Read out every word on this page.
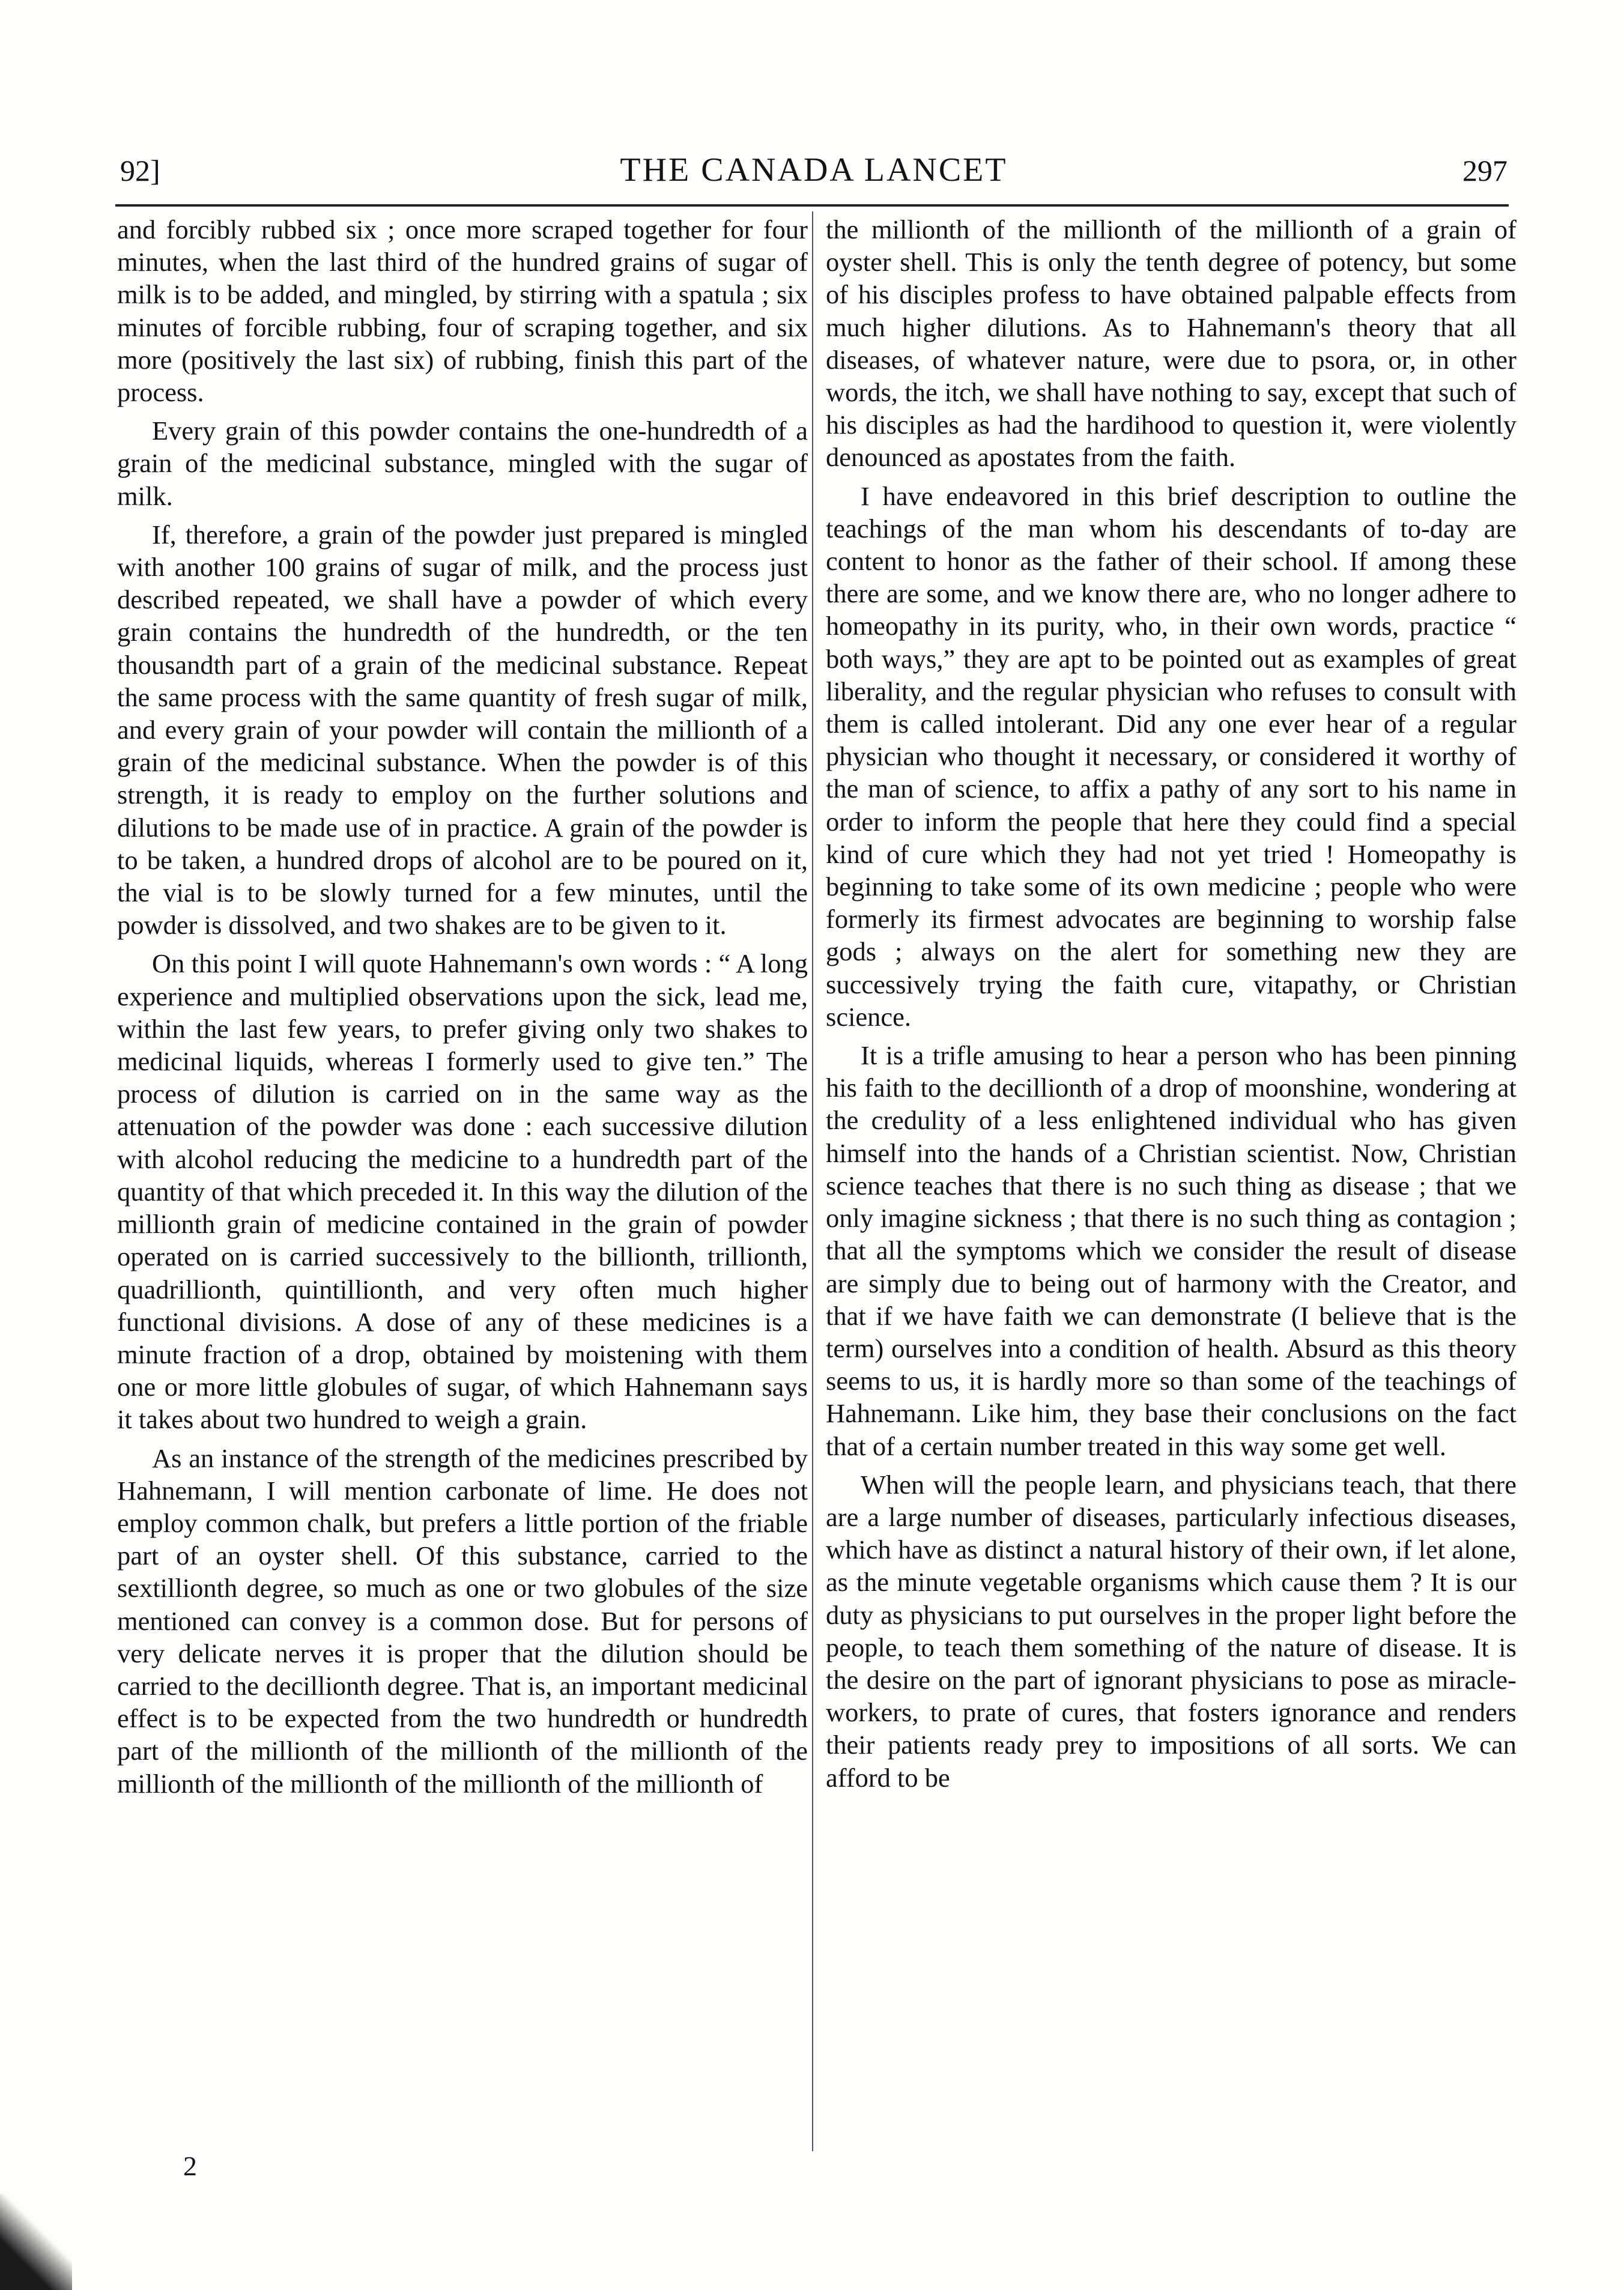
92]	THE CANADA LANCET	297

and forcibly rubbed six ; once more scraped together for four minutes, when the last third of the hundred grains of sugar of milk is to be added, and mingled, by stirring with a spatula ; six minutes of forcible rubbing, four of scraping together, and six more (positively the last six) of rubbing, finish this part of the process.

Every grain of this powder contains the one-hundredth of a grain of the medicinal substance, mingled with the sugar of milk.

If, therefore, a grain of the powder just prepared is mingled with another 100 grains of sugar of milk, and the process just described repeated, we shall have a powder of which every grain contains the hundredth of the hundredth, or the ten thousandth part of a grain of the medicinal substance. Repeat the same process with the same quantity of fresh sugar of milk, and every grain of your powder will contain the millionth of a grain of the medicinal substance. When the powder is of this strength, it is ready to employ on the further solutions and dilutions to be made use of in practice. A grain of the powder is to be taken, a hundred drops of alcohol are to be poured on it, the vial is to be slowly turned for a few minutes, until the powder is dissolved, and two shakes are to be given to it.

On this point I will quote Hahnemann's own words : “ A long experience and multiplied observations upon the sick, lead me, within the last few years, to prefer giving only two shakes to medicinal liquids, whereas I formerly used to give ten.” The process of dilution is carried on in the same way as the attenuation of the powder was done : each successive dilution with alcohol reducing the medicine to a hundredth part of the quantity of that which preceded it. In this way the dilution of the millionth grain of medicine contained in the grain of powder operated on is carried successively to the billionth, trillionth, quadrillionth, quintillionth, and very often much higher functional divisions. A dose of any of these medicines is a minute fraction of a drop, obtained by moistening with them one or more little globules of sugar, of which Hahnemann says it takes about two hundred to weigh a grain.

As an instance of the strength of the medicines prescribed by Hahnemann, I will mention carbonate of lime. He does not employ common chalk, but prefers a little portion of the friable part of an oyster shell. Of this substance, carried to the sextillionth degree, so much as one or two globules of the size mentioned can convey is a common dose. But for persons of very delicate nerves it is proper that the dilution should be carried to the decillionth degree. That is, an important medicinal effect is to be expected from the two hundredth or hundredth part of the millionth of the millionth of the millionth of the millionth of the millionth of the millionth of the millionth of

the millionth of the millionth of the millionth of a grain of oyster shell. This is only the tenth degree of potency, but some of his disciples profess to have obtained palpable effects from much higher dilutions. As to Hahnemann's theory that all diseases, of whatever nature, were due to psora, or, in other words, the itch, we shall have nothing to say, except that such of his disciples as had the hardihood to question it, were violently denounced as apostates from the faith.

I have endeavored in this brief description to outline the teachings of the man whom his descendants of to-day are content to honor as the father of their school. If among these there are some, and we know there are, who no longer adhere to homeopathy in its purity, who, in their own words, practice “ both ways,” they are apt to be pointed out as examples of great liberality, and the regular physician who refuses to consult with them is called intolerant. Did any one ever hear of a regular physician who thought it necessary, or considered it worthy of the man of science, to affix a pathy of any sort to his name in order to inform the people that here they could find a special kind of cure which they had not yet tried ! Homeopathy is beginning to take some of its own medicine ; people who were formerly its firmest advocates are beginning to worship false gods ; always on the alert for something new they are successively trying the faith cure, vitapathy, or Christian science.

It is a trifle amusing to hear a person who has been pinning his faith to the decillionth of a drop of moonshine, wondering at the credulity of a less enlightened individual who has given himself into the hands of a Christian scientist. Now, Christian science teaches that there is no such thing as disease ; that we only imagine sickness ; that there is no such thing as contagion ; that all the symptoms which we consider the result of disease are simply due to being out of harmony with the Creator, and that if we have faith we can demonstrate (I believe that is the term) ourselves into a condition of health. Absurd as this theory seems to us, it is hardly more so than some of the teachings of Hahnemann. Like him, they base their conclusions on the fact that of a certain number treated in this way some get well.

When will the people learn, and physicians teach, that there are a large number of diseases, particularly infectious diseases, which have as distinct a natural history of their own, if let alone, as the minute vegetable organisms which cause them ? It is our duty as physicians to put ourselves in the proper light before the people, to teach them something of the nature of disease. It is the desire on the part of ignorant physicians to pose as miracle-workers, to prate of cures, that fosters ignorance and renders their patients ready prey to impositions of all sorts. We can afford to be

2
